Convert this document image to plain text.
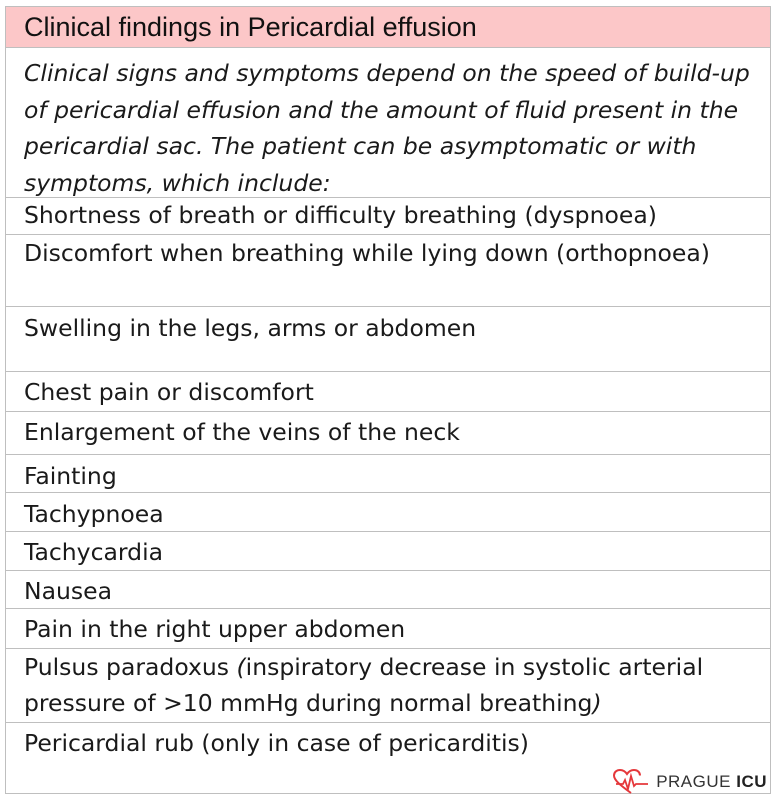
Clinical findings in Pericardial effusion
Clinical signs and symptoms depend on the speed of build-up of pericardial effusion and the amount of fluid present in the pericardial sac. The patient can be asymptomatic or with symptoms, which include:
Shortness of breath or difficulty breathing (dyspnoea)
Discomfort when breathing while lying down (orthopnoea)
Swelling in the legs, arms or abdomen
Chest pain or discomfort
Enlargement of the veins of the neck
Fainting
Tachypnoea
Tachycardia
Nausea
Pain in the right upper abdomen
Pulsus paradoxus (inspiratory decrease in systolic arterial pressure of >10 mmHg during normal breathing)
Pericardial rub (only in case of pericarditis)
PRAGUE ICU
